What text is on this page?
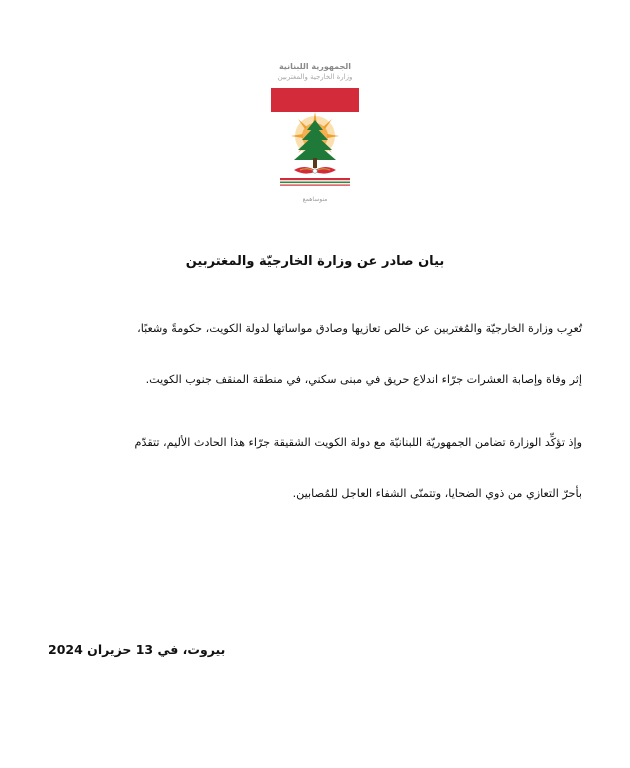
الجمهورية اللبنانية
وزارة الخارجية والمغتربين
منوساهمع
بيان صادر عن وزارة الخارجيّة والمغتربين
تُعرِب وزارة الخارجيّة والمُغتربين عن خالص تعازيها وصادق مواساتها لدولة الكويت، حكومةً وشعبًا،
إثر وفاة وإصابة العشرات جرّاء اندلاع حريق في مبنى سكني، في منطقة المنقف جنوب الكويت.
وإذ تؤكِّد الوزارة تضامن الجمهوريّة اللبنانيّة مع دولة الكويت الشقيقة جرّاء هذا الحادث الأليم، تتقدّم
بأحرّ التعازي من ذوي الضحايا، وتتمنّى الشفاء العاجل للمُصابين.
بيروت، في 13 حزيران 2024
